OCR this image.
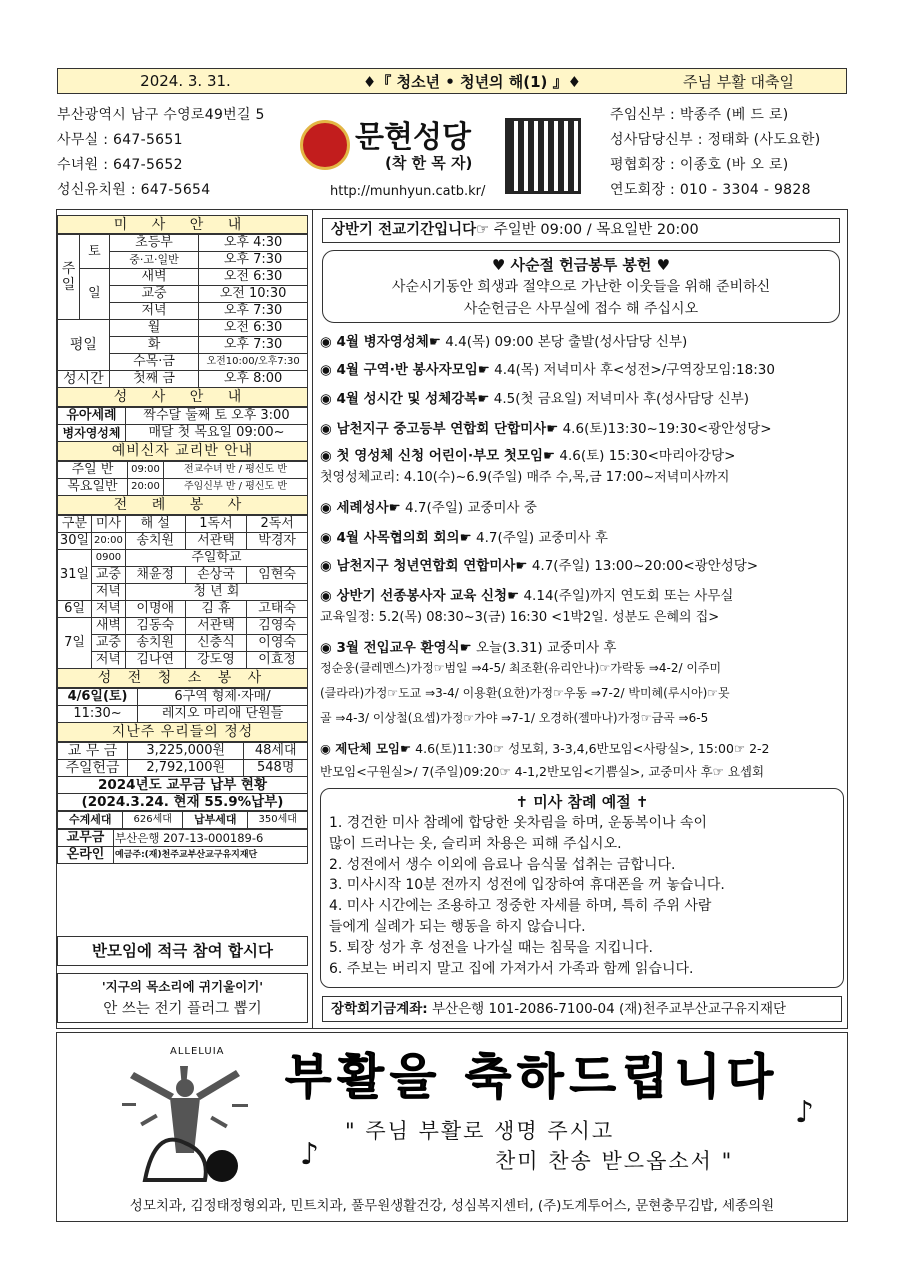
2024. 3. 31.	♦『 청소년 • 청년의 해(1) 』♦	주님 부활 대축일
부산광역시 남구 수영로49번길 5
사무실 : 647-5651
수녀원 : 647-5652
성신유치원 : 647-5654
문현성당
(착 한 목 자)
http://munhyun.catb.kr/
주임신부 : 박종주 (베 드 로)
성사담당신부 : 정태화 (사도요한)
평협회장 : 이종호 (바 오 로)
연도회장 : 010 - 3304 - 9828
미 사 안 내
주일	토	초등부	오후 4:30
		중·고·일반	오후 7:30
	일	새벽	오전 6:30
		교중	오전 10:30
		저녁	오후 7:30
평일		월	오전 6:30
		화	오후 7:30
		수목·금	오전10:00/오후7:30
성시간		첫째 금	오후 8:00
성 사 안 내
유아세례	짝수달 둘째 토 오후 3:00
병자영성체	매달 첫 목요일 09:00~
예비신자 교리반 안내
주일 반	09:00	전교수녀 반 / 평신도 반
목요일반	20:00	주임신부 반 / 평신도 반
전 례 봉 사
구분	미사	해 설	1독서	2독서
30일	20:00	송치원	서관택	박경자
31일	0900	주일학교		
	교중	채윤정	손상국	임현숙
	저녁	청 년 회		
6일	저녁	이명애	김 휴	고태숙
7일	새벽	김동숙	서관택	김영숙
	교중	송치원	신충식	이영숙
	저녁	김나연	강도영	이효정
성 전 청 소 봉 사
4/6일(토)	6구역 형제·자매/
11:30~	레지오 마리애 단원들
지난주 우리들의 정성
교 무 금	3,225,000원	48세대
주일헌금	2,792,100원	548명
2024년도 교무금 납부 현황		
(2024.3.24. 현재 55.9%납부)		
수계세대	626세대	납부세대	350세대
교무금	부산은행 207-13-000189-6
온라인	예금주:(재)천주교부산교구유지재단
반모임에 적극 참여 합시다
'지구의 목소리에 귀기울이기'
안 쓰는 전기 플러그 뽑기
상반기 전교기간입니다☞ 주일반 09:00 / 목요일반 20:00
♥ 사순절 헌금봉투 봉헌 ♥
사순시기동안 희생과 절약으로 가난한 이웃들을 위해 준비하신
사순헌금은 사무실에 접수 해 주십시오
◉ 4월 병자영성체☛ 4.4(목) 09:00 본당 출발(성사담당 신부)
◉ 4월 구역·반 봉사자모임☛ 4.4(목) 저녁미사 후<성전>/구역장모임:18:30
◉ 4월 성시간 및 성체강복☛ 4.5(첫 금요일) 저녁미사 후(성사담당 신부)
◉ 남천지구 중고등부 연합회 단합미사☛ 4.6(토)13:30~19:30<광안성당>
◉ 첫 영성체 신청 어린이·부모 첫모임☛ 4.6(토) 15:30<마리아강당>
첫영성체교리: 4.10(수)~6.9(주일) 매주 수,목,금 17:00~저녁미사까지
◉ 세례성사☛ 4.7(주일) 교중미사 중
◉ 4월 사목협의회 회의☛ 4.7(주일) 교중미사 후
◉ 남천지구 청년연합회 연합미사☛ 4.7(주일) 13:00~20:00<광안성당>
◉ 상반기 선종봉사자 교육 신청☛ 4.14(주일)까지 연도회 또는 사무실
교육일정: 5.2(목) 08:30~3(금) 16:30 <1박2일. 성분도 은혜의 집>
◉ 3월 전입교우 환영식☛ 오늘(3.31) 교중미사 후
정순웅(클레멘스)가정☞범일 ⇒4-5/ 최조환(유리안나)☞가락동 ⇒4-2/ 이주미
(클라라)가정☞도교 ⇒3-4/ 이용환(요한)가정☞우동 ⇒7-2/ 박미혜(루시아)☞못
골 ⇒4-3/ 이상철(요셉)가정☞가야 ⇒7-1/ 오경하(젤마나)가정☞금곡 ⇒6-5
◉ 제단체 모임☛ 4.6(토)11:30☞ 성모회, 3-3,4,6반모임<사랑실>, 15:00☞ 2-2
반모임<구원실>/ 7(주일)09:20☞ 4-1,2반모임<기쁨실>, 교중미사 후☞ 요셉회
✝ 미사 참례 예절 ✝
1. 경건한 미사 참례에 합당한 옷차림을 하며, 운동복이나 속이
많이 드러나는 옷, 슬리퍼 차용은 피해 주십시오.
2. 성전에서 생수 이외에 음료나 음식물 섭취는 금합니다.
3. 미사시작 10분 전까지 성전에 입장하여 휴대폰을 꺼 놓습니다.
4. 미사 시간에는 조용하고 정중한 자세를 하며, 특히 주위 사람
들에게 실례가 되는 행동을 하지 않습니다.
5. 퇴장 성가 후 성전을 나가실 때는 침묵을 지킵니다.
6. 주보는 버리지 말고 집에 가져가서 가족과 함께 읽습니다.
장학회기금계좌: 부산은행 101-2086-7100-04 (재)천주교부산교구유지재단
ALLELUIA 부활을 축하드립니다
" 주님 부활로 생명 주시고
찬미 찬송 받으옵소서 "
♪
♪
성모치과, 김정태정형외과, 민트치과, 풀무원생활건강, 성심복지센터, (주)도계투어스, 문현충무김밥, 세종의원
